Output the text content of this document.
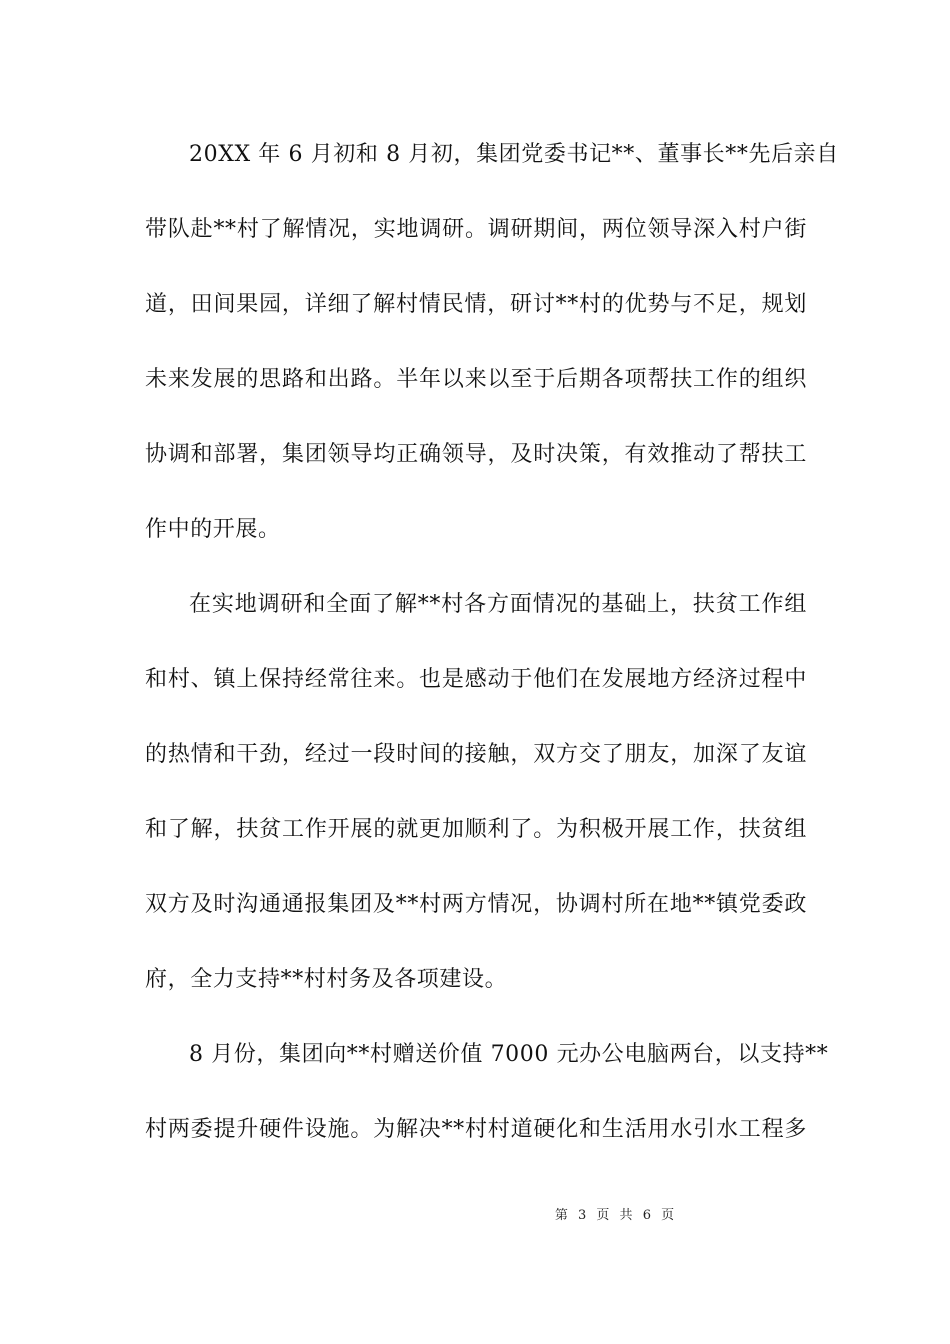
20XX 年 6 月初和 8 月初，集团党委书记**、董事长**先后亲自
带队赴**村了解情况，实地调研。调研期间，两位领导深入村户街
道，田间果园，详细了解村情民情，研讨**村的优势与不足，规划
未来发展的思路和出路。半年以来以至于后期各项帮扶工作的组织
协调和部署，集团领导均正确领导，及时决策，有效推动了帮扶工
作中的开展。
在实地调研和全面了解**村各方面情况的基础上，扶贫工作组
和村、镇上保持经常往来。也是感动于他们在发展地方经济过程中
的热情和干劲，经过一段时间的接触，双方交了朋友，加深了友谊
和了解，扶贫工作开展的就更加顺利了。为积极开展工作，扶贫组
双方及时沟通通报集团及**村两方情况，协调村所在地**镇党委政
府，全力支持**村村务及各项建设。
8 月份，集团向**村赠送价值 7000 元办公电脑两台，以支持**
村两委提升硬件设施。为解决**村村道硬化和生活用水引水工程多
第 3 页 共 6 页
